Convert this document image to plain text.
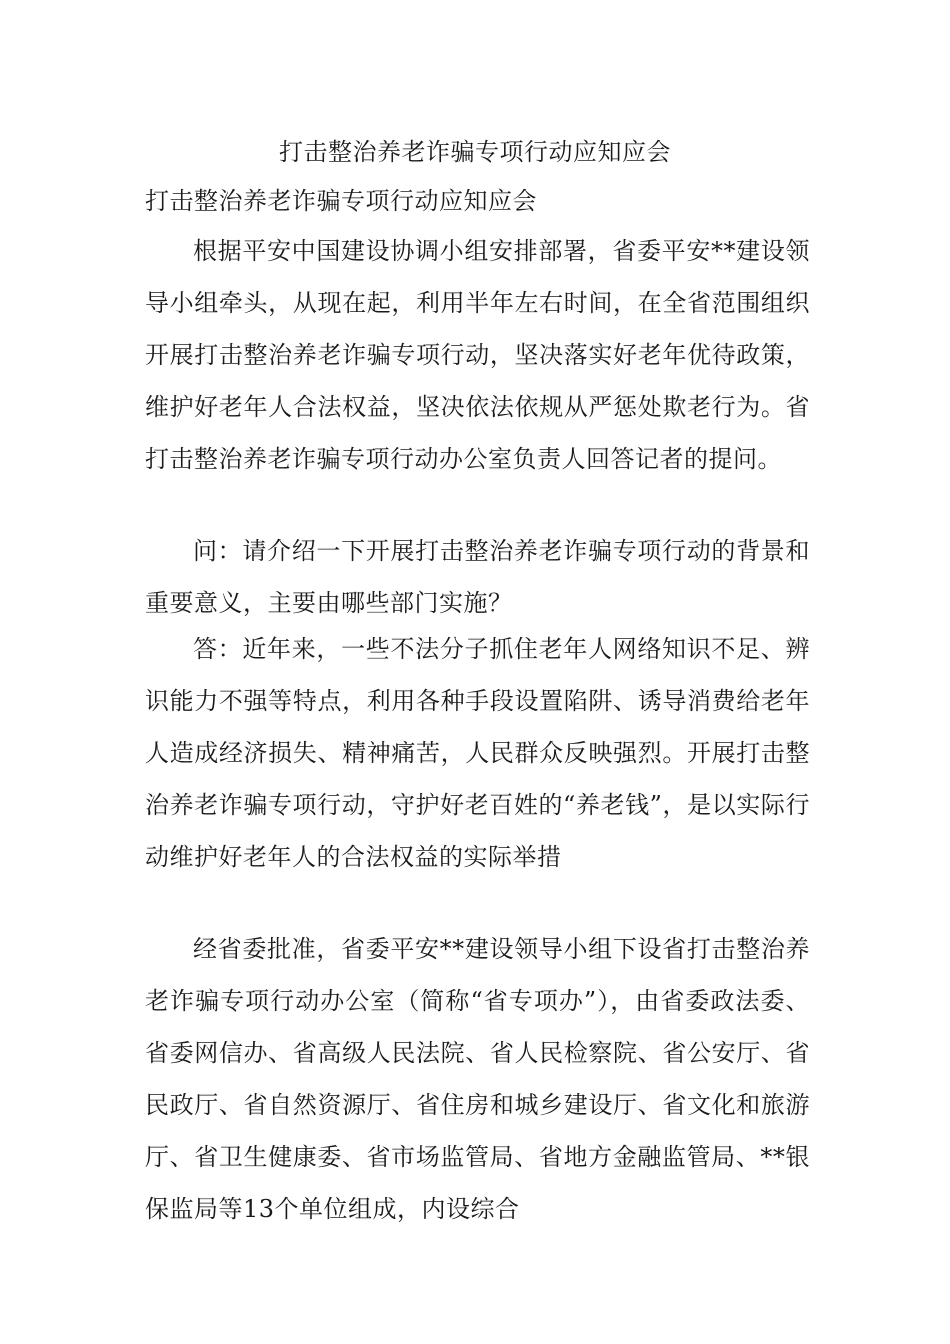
打击整治养老诈骗专项行动应知应会
打击整治养老诈骗专项行动应知应会

根据平安中国建设协调小组安排部署，省委平安**建设领导小组牵头，从现在起，利用半年左右时间，在全省范围组织开展打击整治养老诈骗专项行动，坚决落实好老年优待政策，维护好老年人合法权益，坚决依法依规从严惩处欺老行为。省打击整治养老诈骗专项行动办公室负责人回答记者的提问。

问：请介绍一下开展打击整治养老诈骗专项行动的背景和重要意义，主要由哪些部门实施？

答：近年来，一些不法分子抓住老年人网络知识不足、辨识能力不强等特点，利用各种手段设置陷阱、诱导消费给老年人造成经济损失、精神痛苦，人民群众反映强烈。开展打击整治养老诈骗专项行动，守护好老百姓的“养老钱”，是以实际行动维护好老年人的合法权益的实际举措

经省委批准，省委平安**建设领导小组下设省打击整治养老诈骗专项行动办公室（简称“省专项办”），由省委政法委、省委网信办、省高级人民法院、省人民检察院、省公安厅、省民政厅、省自然资源厅、省住房和城乡建设厅、省文化和旅游厅、省卫生健康委、省市场监管局、省地方金融监管局、**银保监局等13个单位组成，内设综合
